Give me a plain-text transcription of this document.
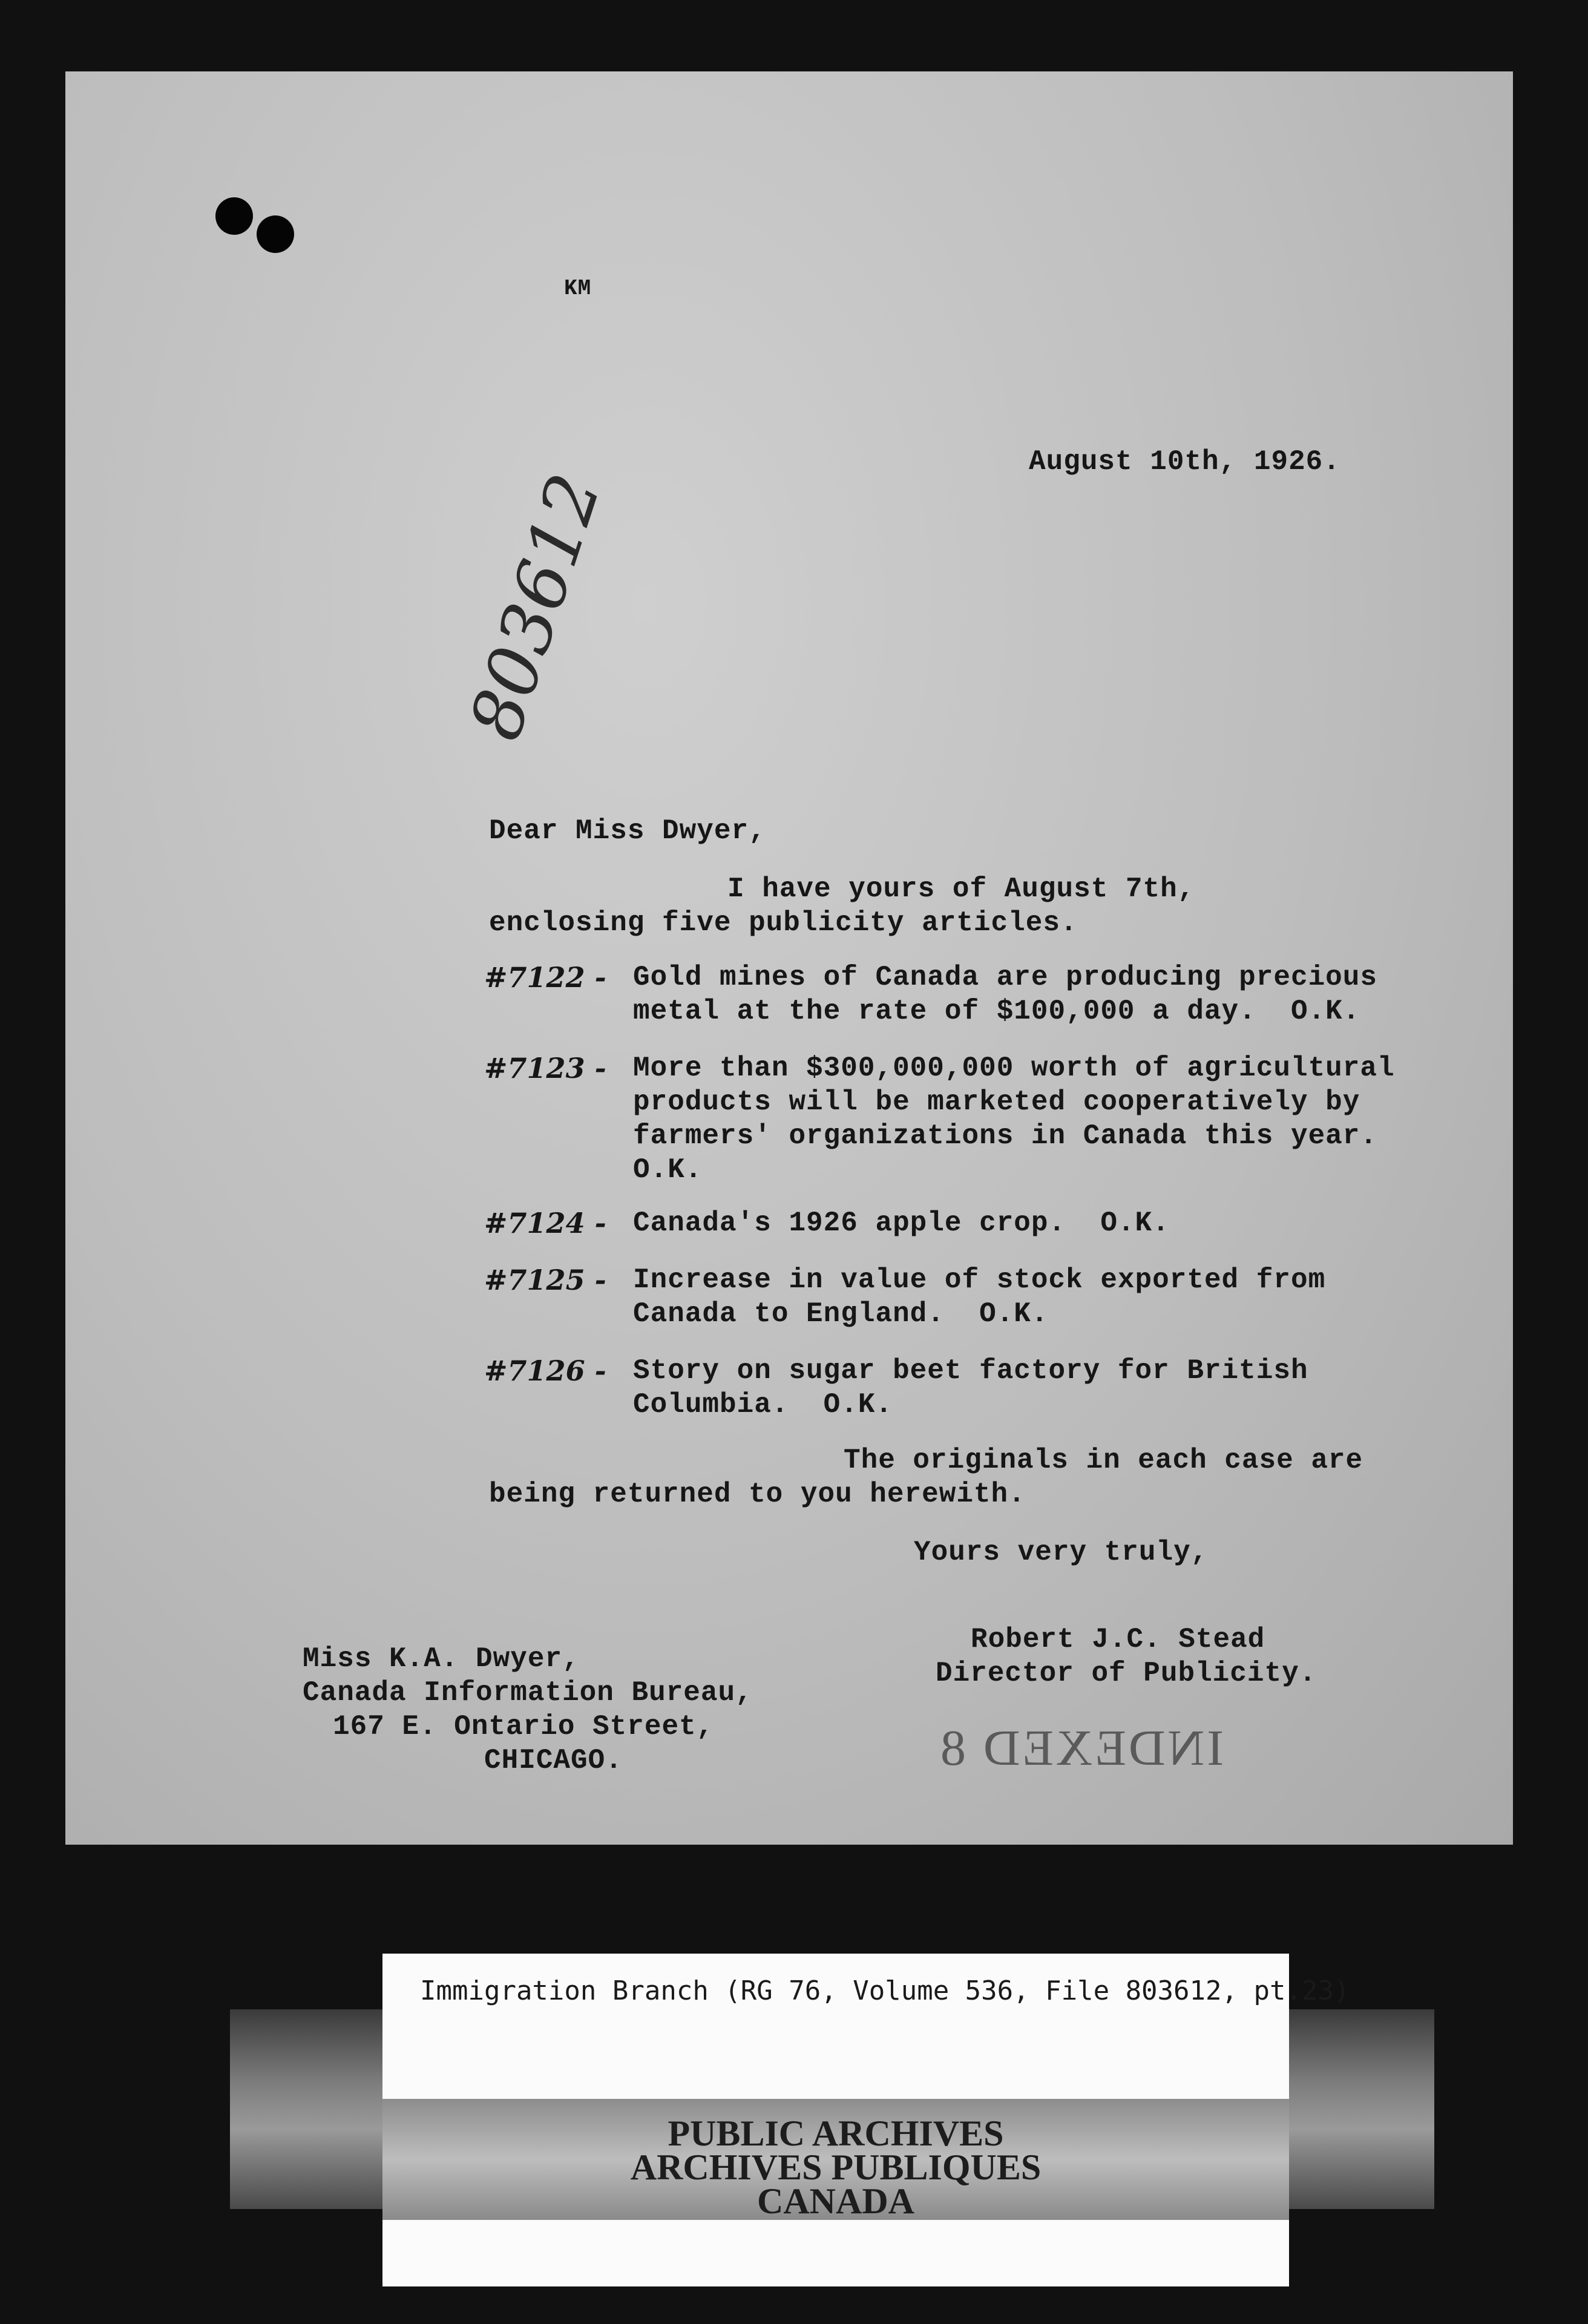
KM
August 10th, 1926.
803612
Dear Miss Dwyer,
I have yours of August 7th,
enclosing five publicity articles.
#7122 - Gold mines of Canada are producing precious
metal at the rate of $100,000 a day.  O.K.
#7123 - More than $300,000,000 worth of agricultural
products will be marketed cooperatively by
farmers' organizations in Canada this year.
O.K.
#7124 - Canada's 1926 apple crop.  O.K.
#7125 - Increase in value of stock exported from
Canada to England.  O.K.
#7126 - Story on sugar beet factory for British
Columbia.  O.K.
The originals in each case are
being returned to you herewith.
Yours very truly,
Robert J.C. Stead
Director of Publicity.
Miss K.A. Dwyer,
Canada Information Bureau,
167 E. Ontario Street,
CHICAGO.	INDEXED 8
Immigration Branch (RG 76, Volume 536, File 803612, pt.23)
PUBLIC ARCHIVES
ARCHIVES PUBLIQUES
CANADA
